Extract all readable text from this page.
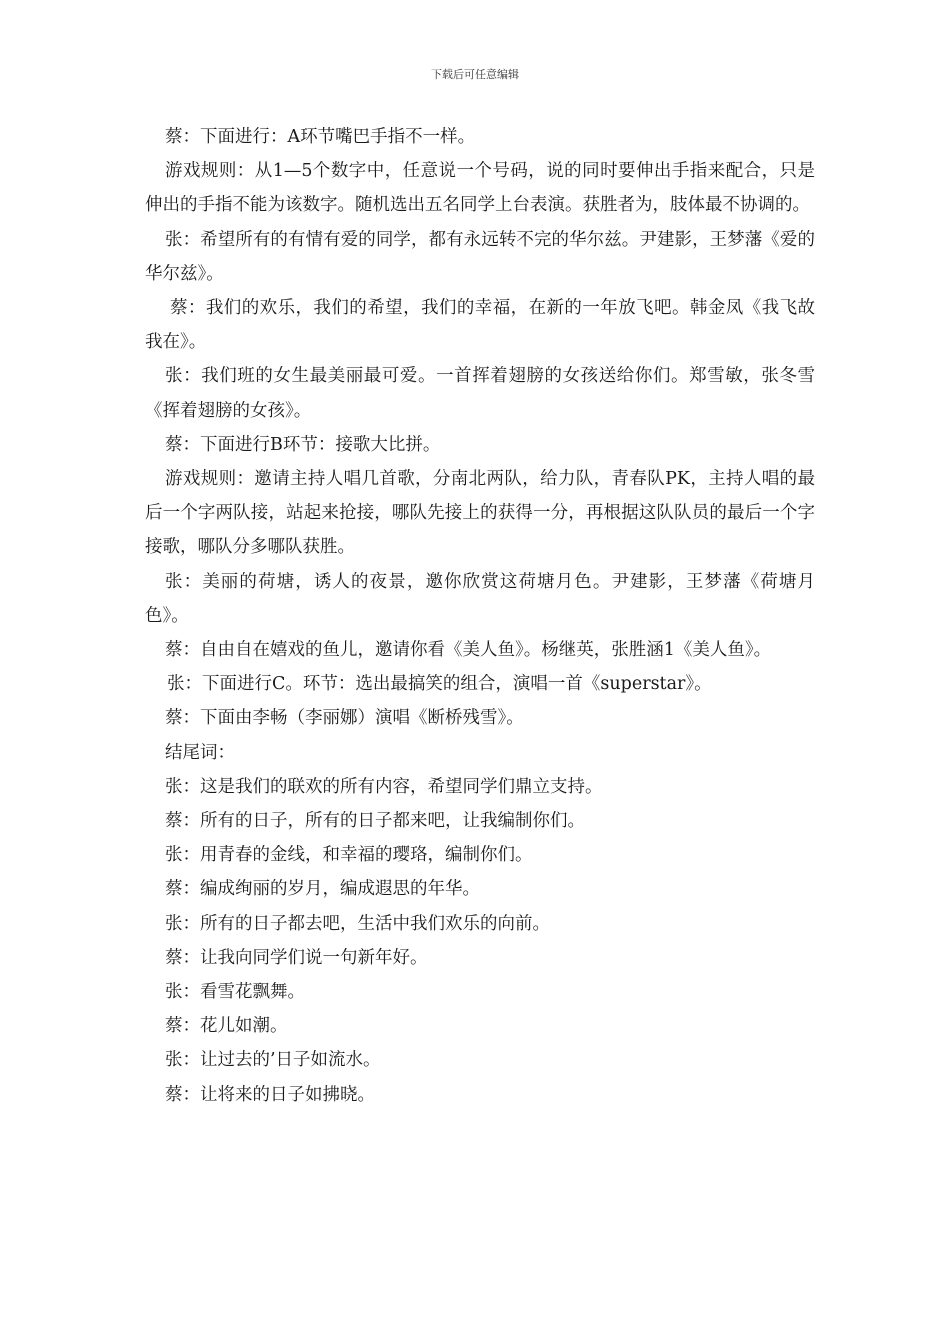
下载后可任意编辑

蔡：下面进行：A环节嘴巴手指不一样。

游戏规则：从1—5个数字中，任意说一个号码，说的同时要伸出手指来配合，只是伸出的手指不能为该数字。随机选出五名同学上台表演。获胜者为，肢体最不协调的。

张：希望所有的有情有爱的同学，都有永远转不完的华尔兹。尹建影，王梦藩《爱的华尔兹》。

蔡：我们的欢乐，我们的希望，我们的幸福，在新的一年放飞吧。韩金凤《我飞故我在》。

张：我们班的女生最美丽最可爱。一首挥着翅膀的女孩送给你们。郑雪敏，张冬雪《挥着翅膀的女孩》。

蔡：下面进行B环节：接歌大比拼。

游戏规则：邀请主持人唱几首歌，分南北两队，给力队，青春队PK，主持人唱的最后一个字两队接，站起来抢接，哪队先接上的获得一分，再根据这队队员的最后一个字接歌，哪队分多哪队获胜。

张：美丽的荷塘，诱人的夜景，邀你欣赏这荷塘月色。尹建影，王梦藩《荷塘月色》。

蔡：自由自在嬉戏的鱼儿，邀请你看《美人鱼》。杨继英，张胜涵1《美人鱼》。

张：下面进行C。环节：选出最搞笑的组合，演唱一首《superstar》。

蔡：下面由李畅（李丽娜）演唱《断桥残雪》。

结尾词：

张：这是我们的联欢的所有内容，希望同学们鼎立支持。

蔡：所有的日子，所有的日子都来吧，让我编制你们。

张：用青春的金线，和幸福的璎珞，编制你们。

蔡：编成绚丽的岁月，编成遐思的年华。

张：所有的日子都去吧，生活中我们欢乐的向前。

蔡：让我向同学们说一句新年好。

张：看雪花飘舞。

蔡：花儿如潮。

张：让过去的’日子如流水。

蔡：让将来的日子如拂晓。
